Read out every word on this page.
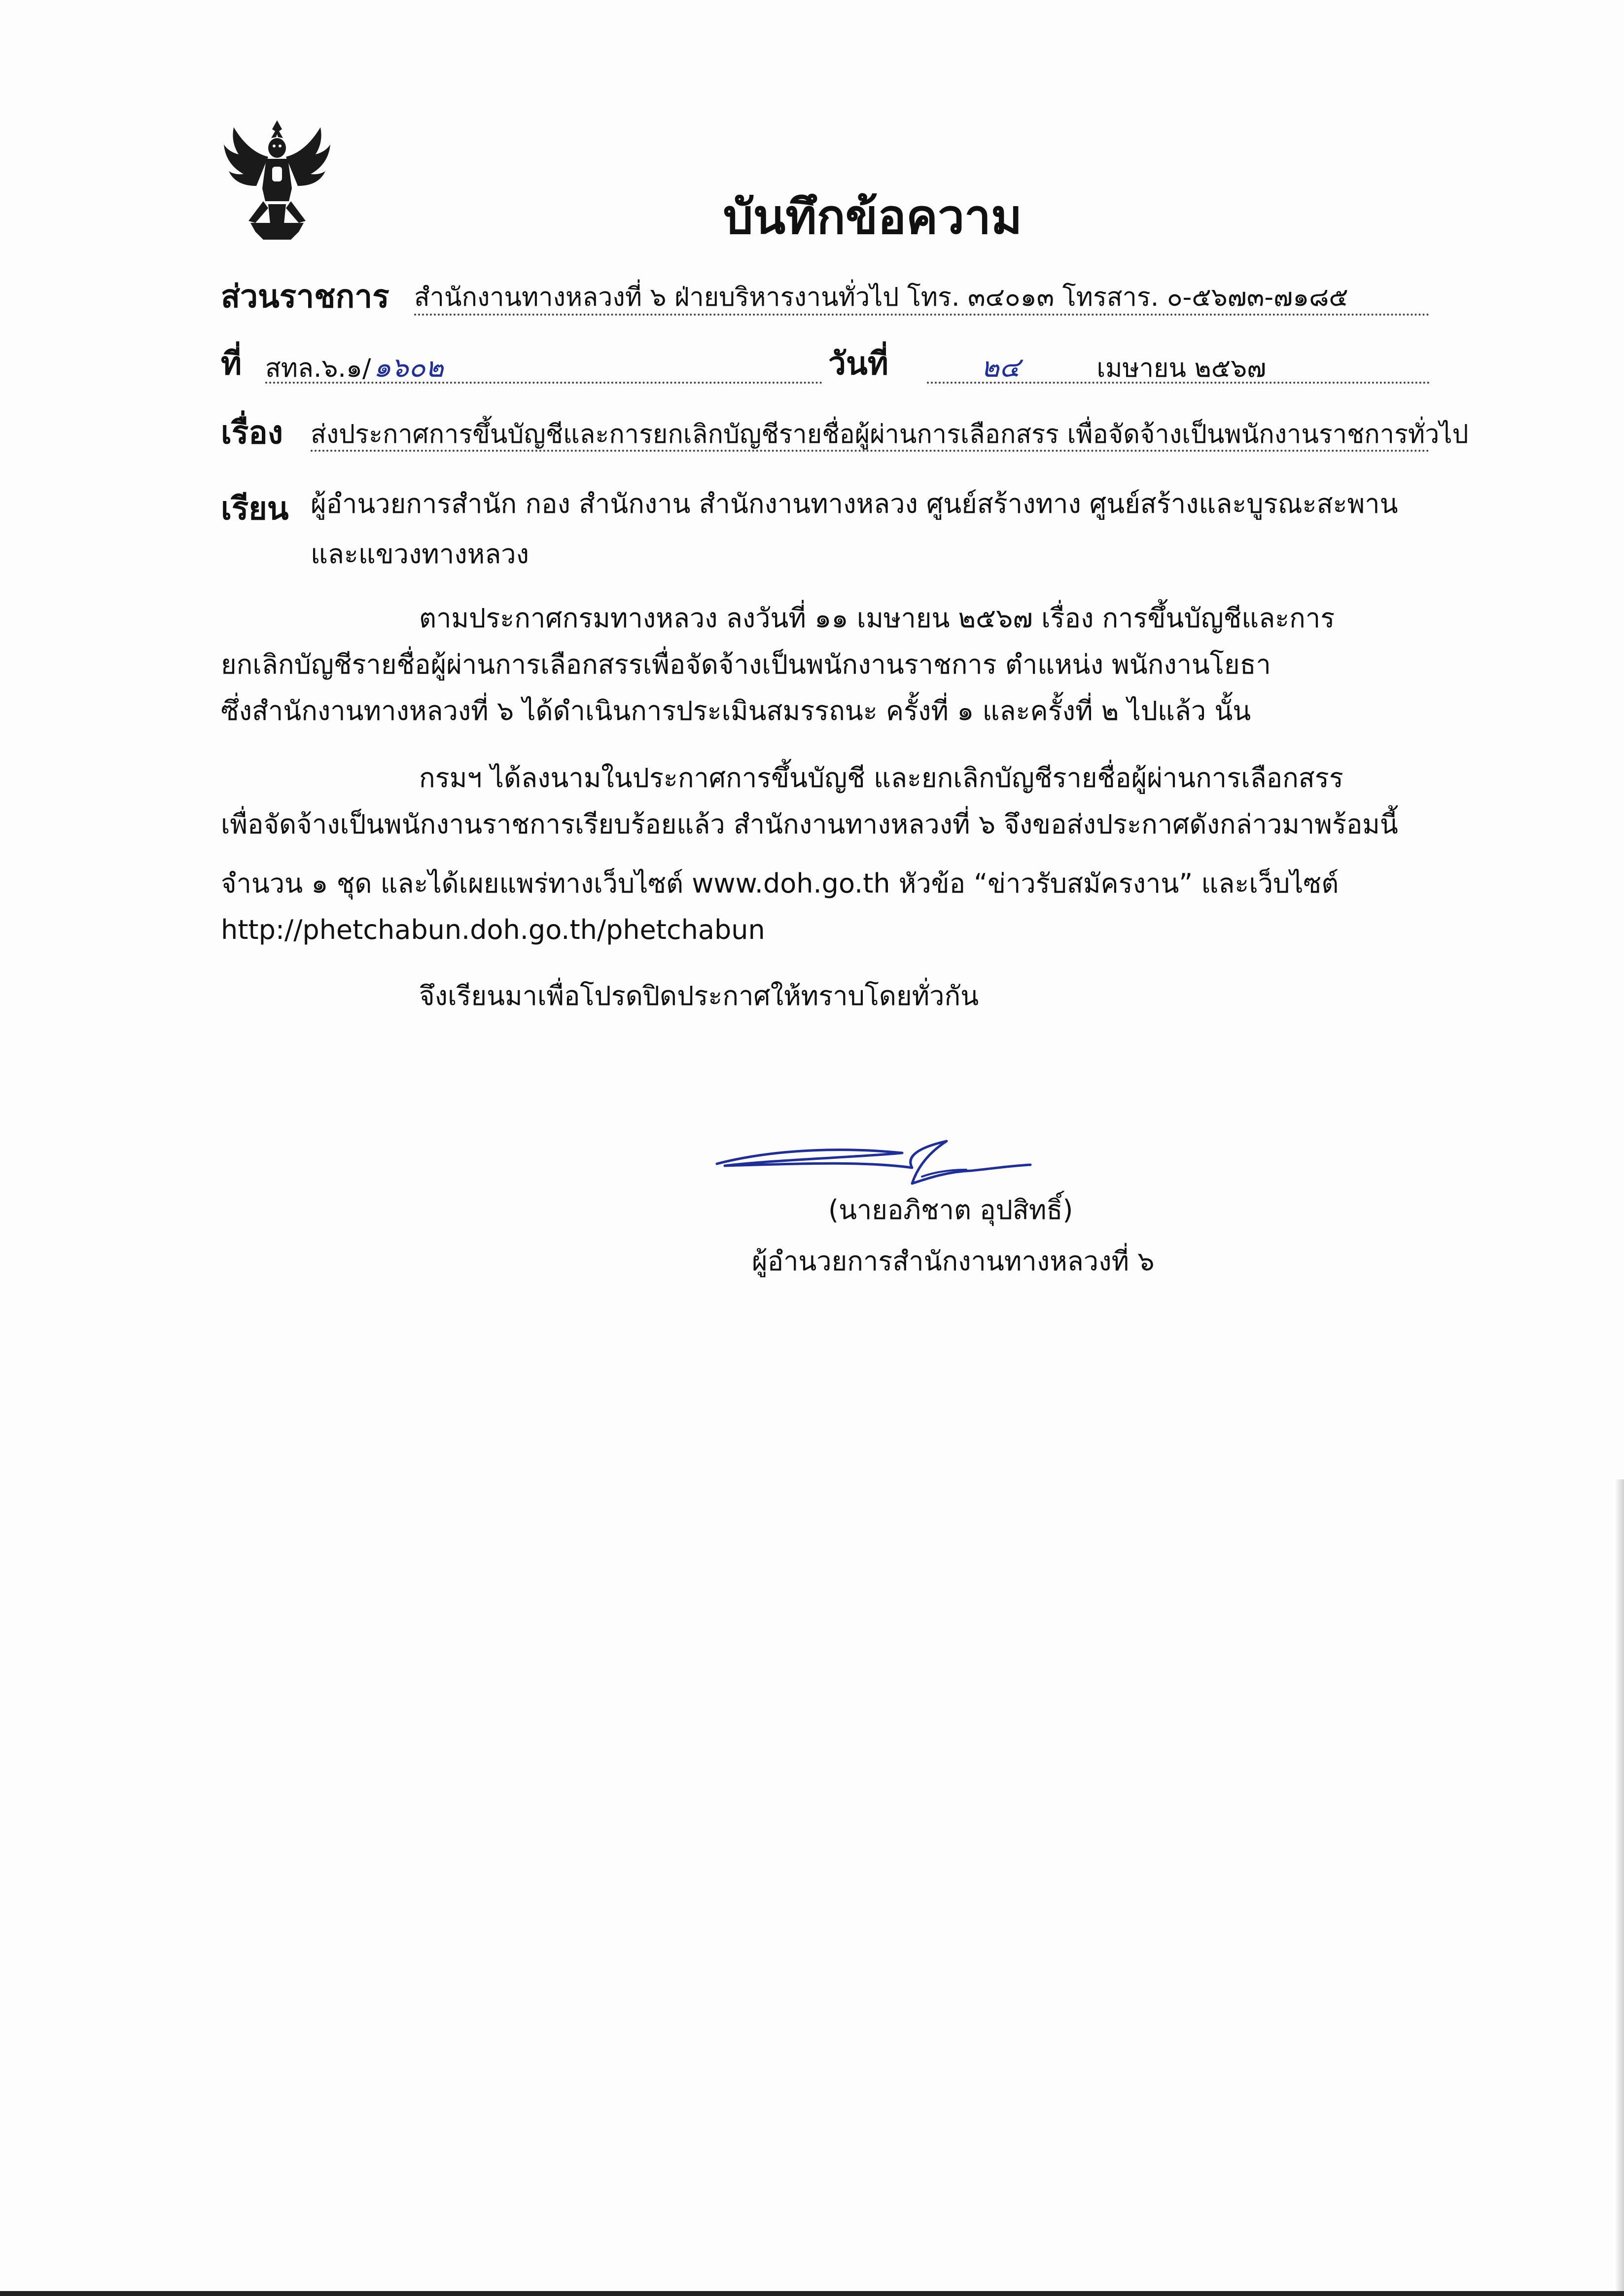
บันทึกข้อความ
ส่วนราชการ สำนักงานทางหลวงที่ ๖ ฝ่ายบริหารงานทั่วไป โทร. ๓๔๐๑๓ โทรสาร. ๐-๕๖๗๓-๗๑๘๕
ที่ สทล.๖.๑/ ๑๖๐๒	วันที่	๒๔	เมษายน ๒๕๖๗
เรื่อง ส่งประกาศการขึ้นบัญชีและการยกเลิกบัญชีรายชื่อผู้ผ่านการเลือกสรร เพื่อจัดจ้างเป็นพนักงานราชการทั่วไป
เรียน ผู้อำนวยการสำนัก กอง สำนักงาน สำนักงานทางหลวง ศูนย์สร้างทาง ศูนย์สร้างและบูรณะสะพาน
และแขวงทางหลวง
ตามประกาศกรมทางหลวง ลงวันที่ ๑๑ เมษายน ๒๕๖๗ เรื่อง การขึ้นบัญชีและการ
ยกเลิกบัญชีรายชื่อผู้ผ่านการเลือกสรรเพื่อจัดจ้างเป็นพนักงานราชการ ตำแหน่ง พนักงานโยธา
ซึ่งสำนักงานทางหลวงที่ ๖ ได้ดำเนินการประเมินสมรรถนะ ครั้งที่ ๑ และครั้งที่ ๒ ไปแล้ว นั้น
กรมฯ ได้ลงนามในประกาศการขึ้นบัญชี และยกเลิกบัญชีรายชื่อผู้ผ่านการเลือกสรร
เพื่อจัดจ้างเป็นพนักงานราชการเรียบร้อยแล้ว สำนักงานทางหลวงที่ ๖ จึงขอส่งประกาศดังกล่าวมาพร้อมนี้
จำนวน ๑ ชุด และได้เผยแพร่ทางเว็บไซต์ www.doh.go.th หัวข้อ “ข่าวรับสมัครงาน” และเว็บไซต์
http://phetchabun.doh.go.th/phetchabun
จึงเรียนมาเพื่อโปรดปิดประกาศให้ทราบโดยทั่วกัน
(นายอภิชาต อุปสิทธิ์)
ผู้อำนวยการสำนักงานทางหลวงที่ ๖
